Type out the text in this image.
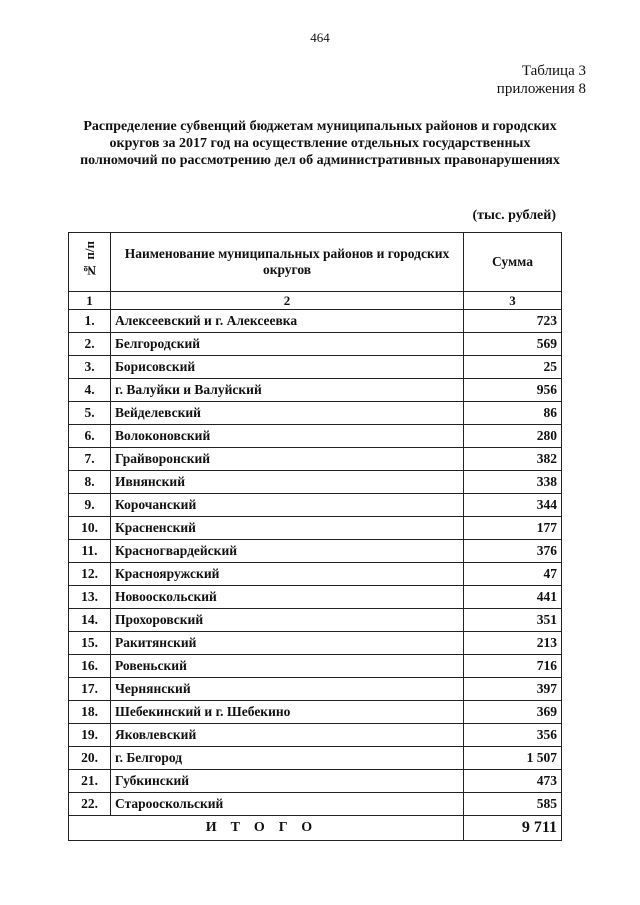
464
Таблица 3
приложения 8
Распределение субвенций бюджетам муниципальных районов и городских округов за 2017 год на осуществление отдельных государственных полномочий по рассмотрению дел об административных правонарушениях
(тыс. рублей)
№ п/п	Наименование муниципальных районов и городских округов	Сумма
1	2	3
1.	Алексеевский и г. Алексеевка	723
2.	Белгородский	569
3.	Борисовский	25
4.	г. Валуйки и Валуйский	956
5.	Вейделевский	86
6.	Волоконовский	280
7.	Грайворонский	382
8.	Ивнянский	338
9.	Корочанский	344
10.	Красненский	177
11.	Красногвардейский	376
12.	Краснояружский	47
13.	Новооскольский	441
14.	Прохоровский	351
15.	Ракитянский	213
16.	Ровеньский	716
17.	Чернянский	397
18.	Шебекинский и г. Шебекино	369
19.	Яковлевский	356
20.	г. Белгород	1 507
21.	Губкинский	473
22.	Старооскольский	585
ИТОГО		9 711
